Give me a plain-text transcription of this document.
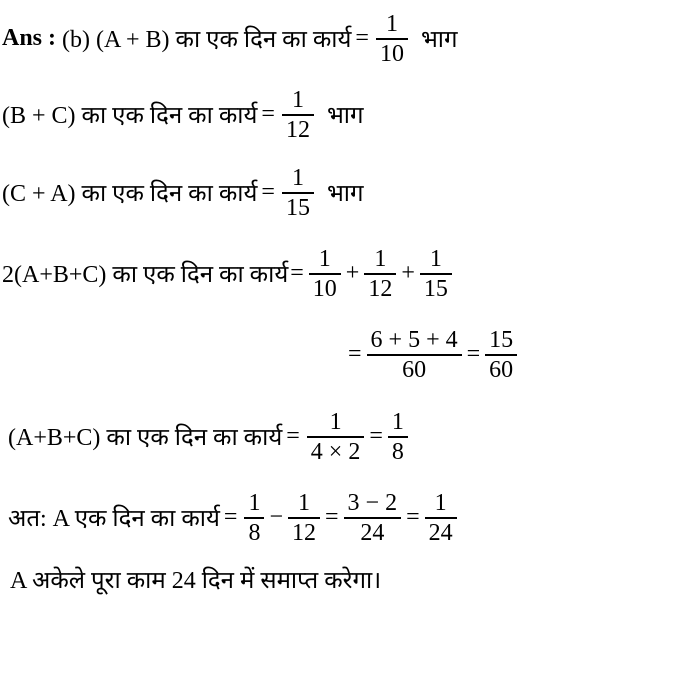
Ans : (b) (A + B) का एक दिन का कार्य = $\frac{1}{10}$ भाग
(B + C) का एक दिन का कार्य = $\frac{1}{12}$ भाग
(C + A) का एक दिन का कार्य = $\frac{1}{15}$ भाग
2(A+B+C) का एक दिन का कार्य = $\frac{1}{10} + \frac{1}{12} + \frac{1}{15}$
= $\frac{6 + 5 + 4}{60} = \frac{15}{60}$
(A+B+C) का एक दिन का कार्य = $\frac{1}{4 \times 2} = \frac{1}{8}$
अत: A एक दिन का कार्य = $\frac{1}{8} - \frac{1}{12} = \frac{3 - 2}{24} = \frac{1}{24}$
A अकेले पूरा काम 24 दिन में समाप्त करेगा।
